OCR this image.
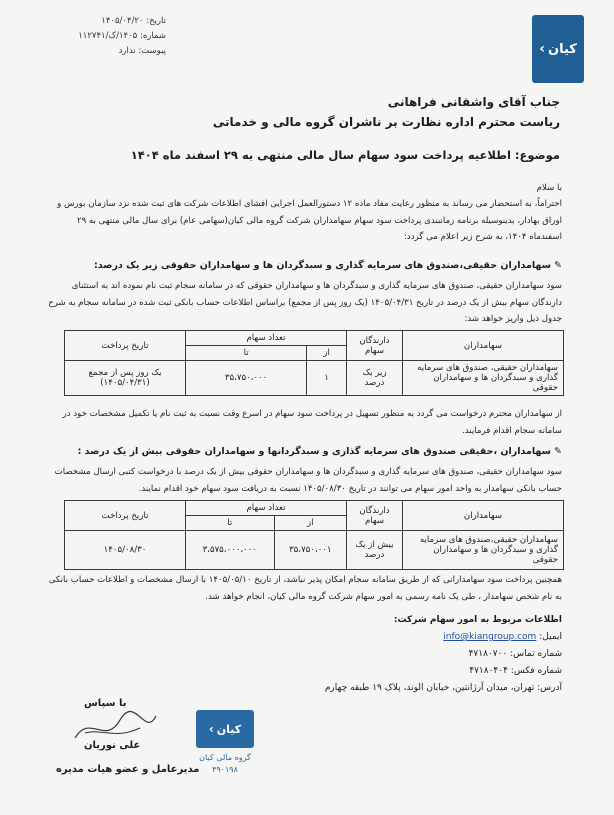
‹ کیان
تاریخ: ۱۴۰۵/۰۴/۲۰
شماره: ۱۴۰۵/ک/۱۱۲۷۴۱
پیوست: ندارد
جناب آقای واشقانی فراهانی
ریاست محترم اداره نظارت بر ناشران گروه مالی و خدماتی
موضوع: اطلاعیه پرداخت سود سهام سال مالی منتهی به ۲۹ اسفند ماه ۱۴۰۴
با سلام
احتراماً، به استحضار می رساند به منظور رعایت مفاد ماده ۱۲ دستورالعمل اجرایی افشای اطلاعات شرکت های ثبت شده نزد سازمان بورس و اوراق بهادار، بدینوسیله برنامه زمانبندی پرداخت سود سهام سهامداران شرکت گروه مالی کیان(سهامی عام) برای سال مالی منتهی به ۲۹ اسفندماه ۱۴۰۴، به شرح زیر اعلام می گردد:
✎سهامداران حقیقی،صندوق های سرمایه گذاری و سبدگردان ها و سهامداران حقوقی زیر یک درصد:
سود سهامداران حقیقی، صندوق های سرمایه گذاری و سبدگردان ها و سهامداران حقوقی که در سامانه سجام ثبت نام نموده اند به استثنای دارندگان سهام بیش از یک درصد در تاریخ ۱۴۰۵/۰۴/۳۱ (یک روز پس از مجمع) براساس اطلاعات حساب بانکی ثبت شده در سامانه سجام به شرح جدول ذیل واریز خواهد شد:
سهامداران	دارندگان سهام	تعداد سهام		تاریخ پرداخت
		از	تا	
سهامداران حقیقی، صندوق های سرمایه گذاری و سبدگردان ها و سهامداران حقوقی	زیر یک درصد	۱	۳۵،۷۵۰،۰۰۰	یک روز پس از مجمع (۱۴۰۵/۰۴/۳۱)
از سهامداران محترم درخواست می گردد به منظور تسهیل در پرداخت سود سهام در اسرع وقت نسبت به ثبت نام یا تکمیل مشخصات خود در سامانه سجام اقدام فرمایند.
✎سهامداران ،حقیقی صندوق های سرمایه گذاری و سبدگردانها و سهامداران حقوقی بیش از یک درصد :
سود سهامداران حقیقی، صندوق های سرمایه گذاری و سبدگردان ها و سهامداران حقوقی بیش از یک درصد با درخواست کتبی ارسال مشخصات حساب بانکی سهامدار به واحد امور سهام می توانند در تاریخ ۱۴۰۵/۰۸/۳۰ نسبت به دریافت سود سهام خود اقدام نمایند.
سهامداران	دارندگان سهام	تعداد سهام		تاریخ پرداخت
		از	تا	
سهامداران حقیقی،صندوق های سرمایه گذاری و سبدگردان ها و سهامداران حقوقی	بیش از یک درصد	۳۵،۷۵۰،۰۰۱	۳،۵۷۵،۰۰۰،۰۰۰	۱۴۰۵/۰۸/۳۰
همچنین پرداخت سود سهامدارانی که از طریق سامانه سجام امکان پذیر نباشد، از تاریخ ۱۴۰۵/۰۵/۱۰ با ارسال مشخصات و اطلاعات حساب بانکی به نام شخص سهامدار ، طی یک نامه رسمی به امور سهام شرکت گروه مالی کیان، انجام خواهد شد.
اطلاعات مربوط به امور سهام شرکت:
ایمیل: info@kiangroup.com
شماره تماس: ۴۷۱۸۰۷۰۰
شماره فکس: ۴۷۱۸۰۴۰۴
آدرس: تهران، میدان آرژانتین، خیابان الوند، پلاک ۱۹ طبقه چهارم
با سپاس
علی نوریان
مدیرعامل و عضو هیات مدیره
‹ کیان
گروه مالی کیان
۴۹۰۱۹۸
